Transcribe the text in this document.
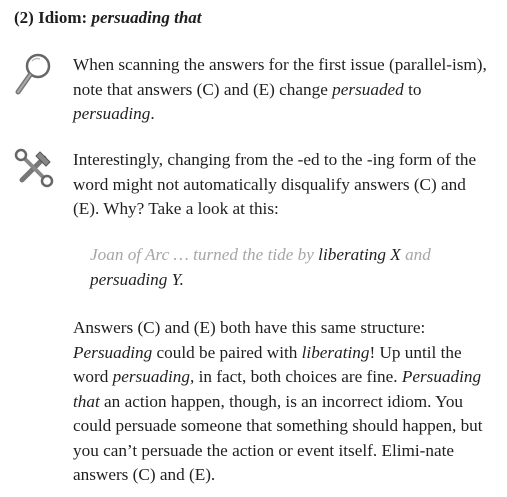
(2) Idiom: persuading that
When scanning the answers for the first issue (parallel-ism), note that answers (C) and (E) change persuaded to persuading.
Interestingly, changing from the -ed to the -ing form of the word might not automatically disqualify answers (C) and (E). Why? Take a look at this:
Joan of Arc … turned the tide by liberating X and
persuading Y.
Answers (C) and (E) both have this same structure:
Persuading could be paired with liberating! Up until the word persuading, in fact, both choices are fine. Persuading
that an action happen, though, is an incorrect idiom. You could persuade someone that something should happen, but you can’t persuade the action or event itself. Elimi-nate answers (C) and (E).
